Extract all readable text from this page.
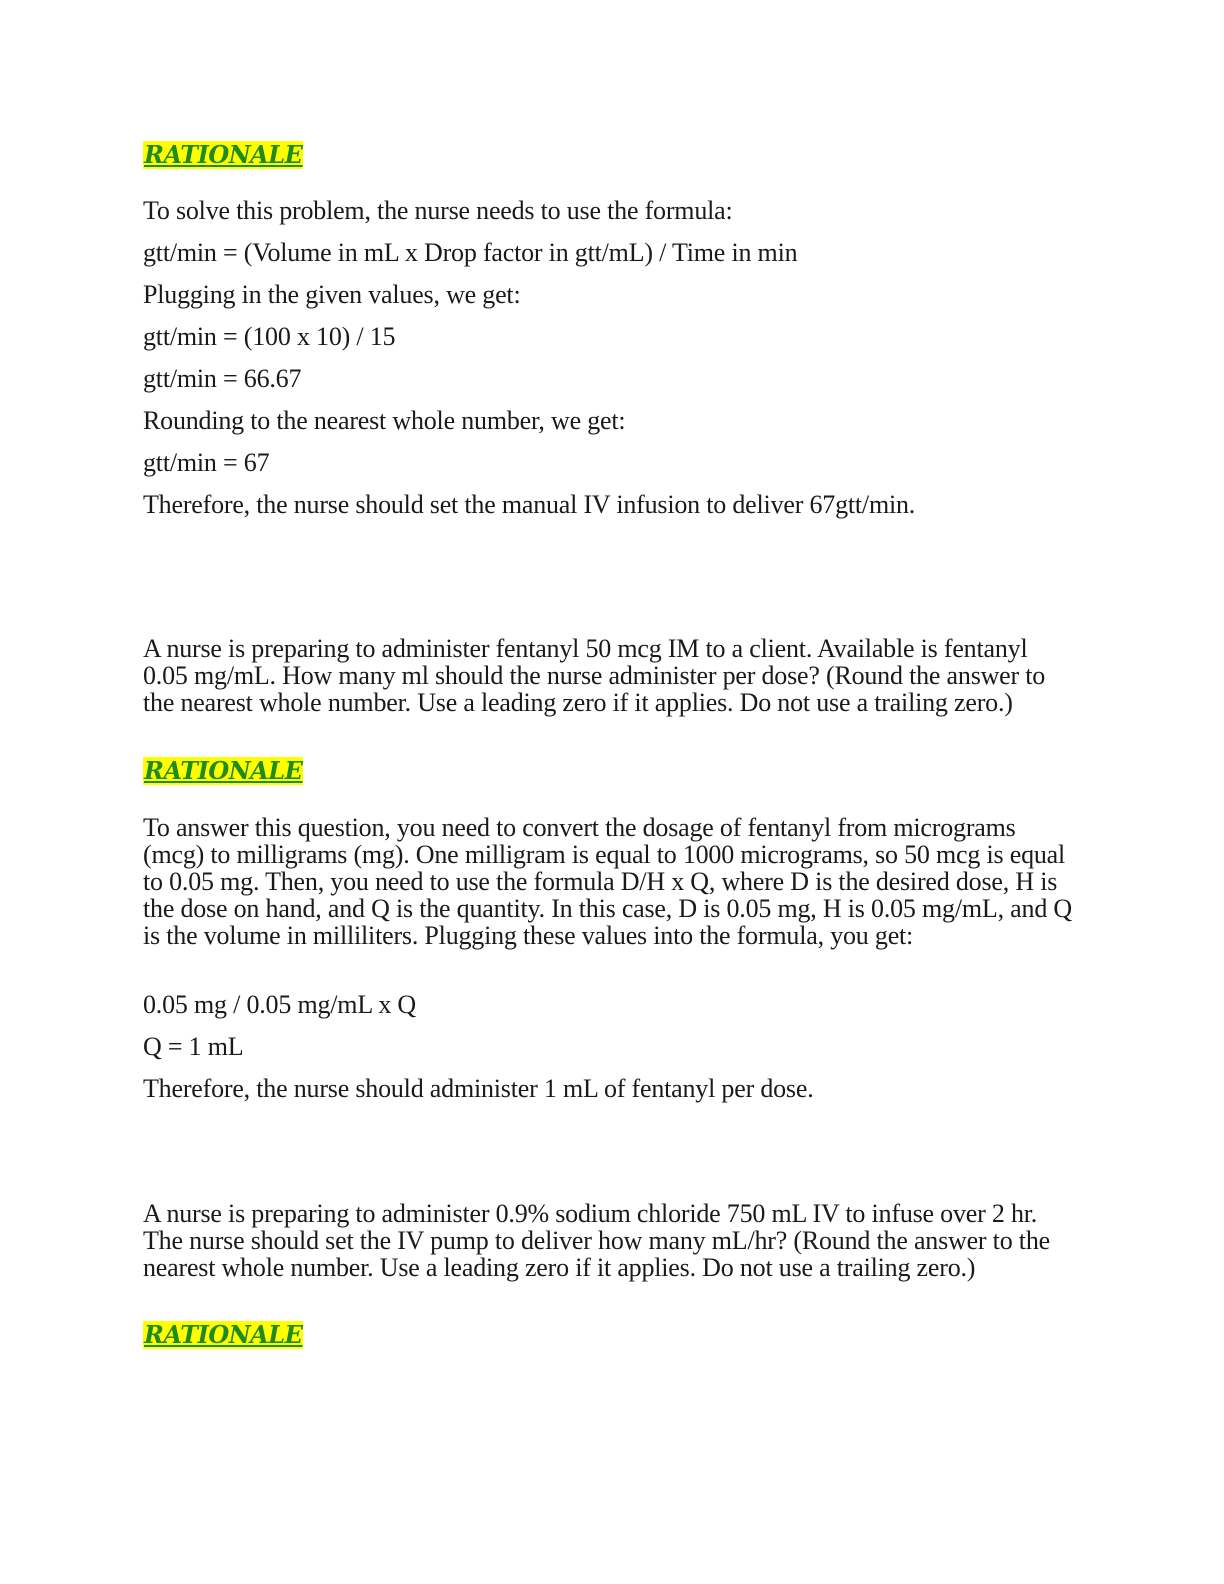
RATIONALE
To solve this problem, the nurse needs to use the formula:
gtt/min = (Volume in mL x Drop factor in gtt/mL) / Time in min
Plugging in the given values, we get:
gtt/min = (100 x 10) / 15
gtt/min = 66.67
Rounding to the nearest whole number, we get:
gtt/min = 67
Therefore, the nurse should set the manual IV infusion to deliver 67gtt/min.
A nurse is preparing to administer fentanyl 50 mcg IM to a client. Available is fentanyl 0.05 mg/mL. How many ml should the nurse administer per dose? (Round the answer to the nearest whole number. Use a leading zero if it applies. Do not use a trailing zero.)
RATIONALE
To answer this question, you need to convert the dosage of fentanyl from micrograms (mcg) to milligrams (mg). One milligram is equal to 1000 micrograms, so 50 mcg is equal to 0.05 mg. Then, you need to use the formula D/H x Q, where D is the desired dose, H is the dose on hand, and Q is the quantity. In this case, D is 0.05 mg, H is 0.05 mg/mL, and Q is the volume in milliliters. Plugging these values into the formula, you get:
0.05 mg / 0.05 mg/mL x Q
Q = 1 mL
Therefore, the nurse should administer 1 mL of fentanyl per dose.
A nurse is preparing to administer 0.9% sodium chloride 750 mL IV to infuse over 2 hr. The nurse should set the IV pump to deliver how many mL/hr? (Round the answer to the nearest whole number. Use a leading zero if it applies. Do not use a trailing zero.)
RATIONALE
